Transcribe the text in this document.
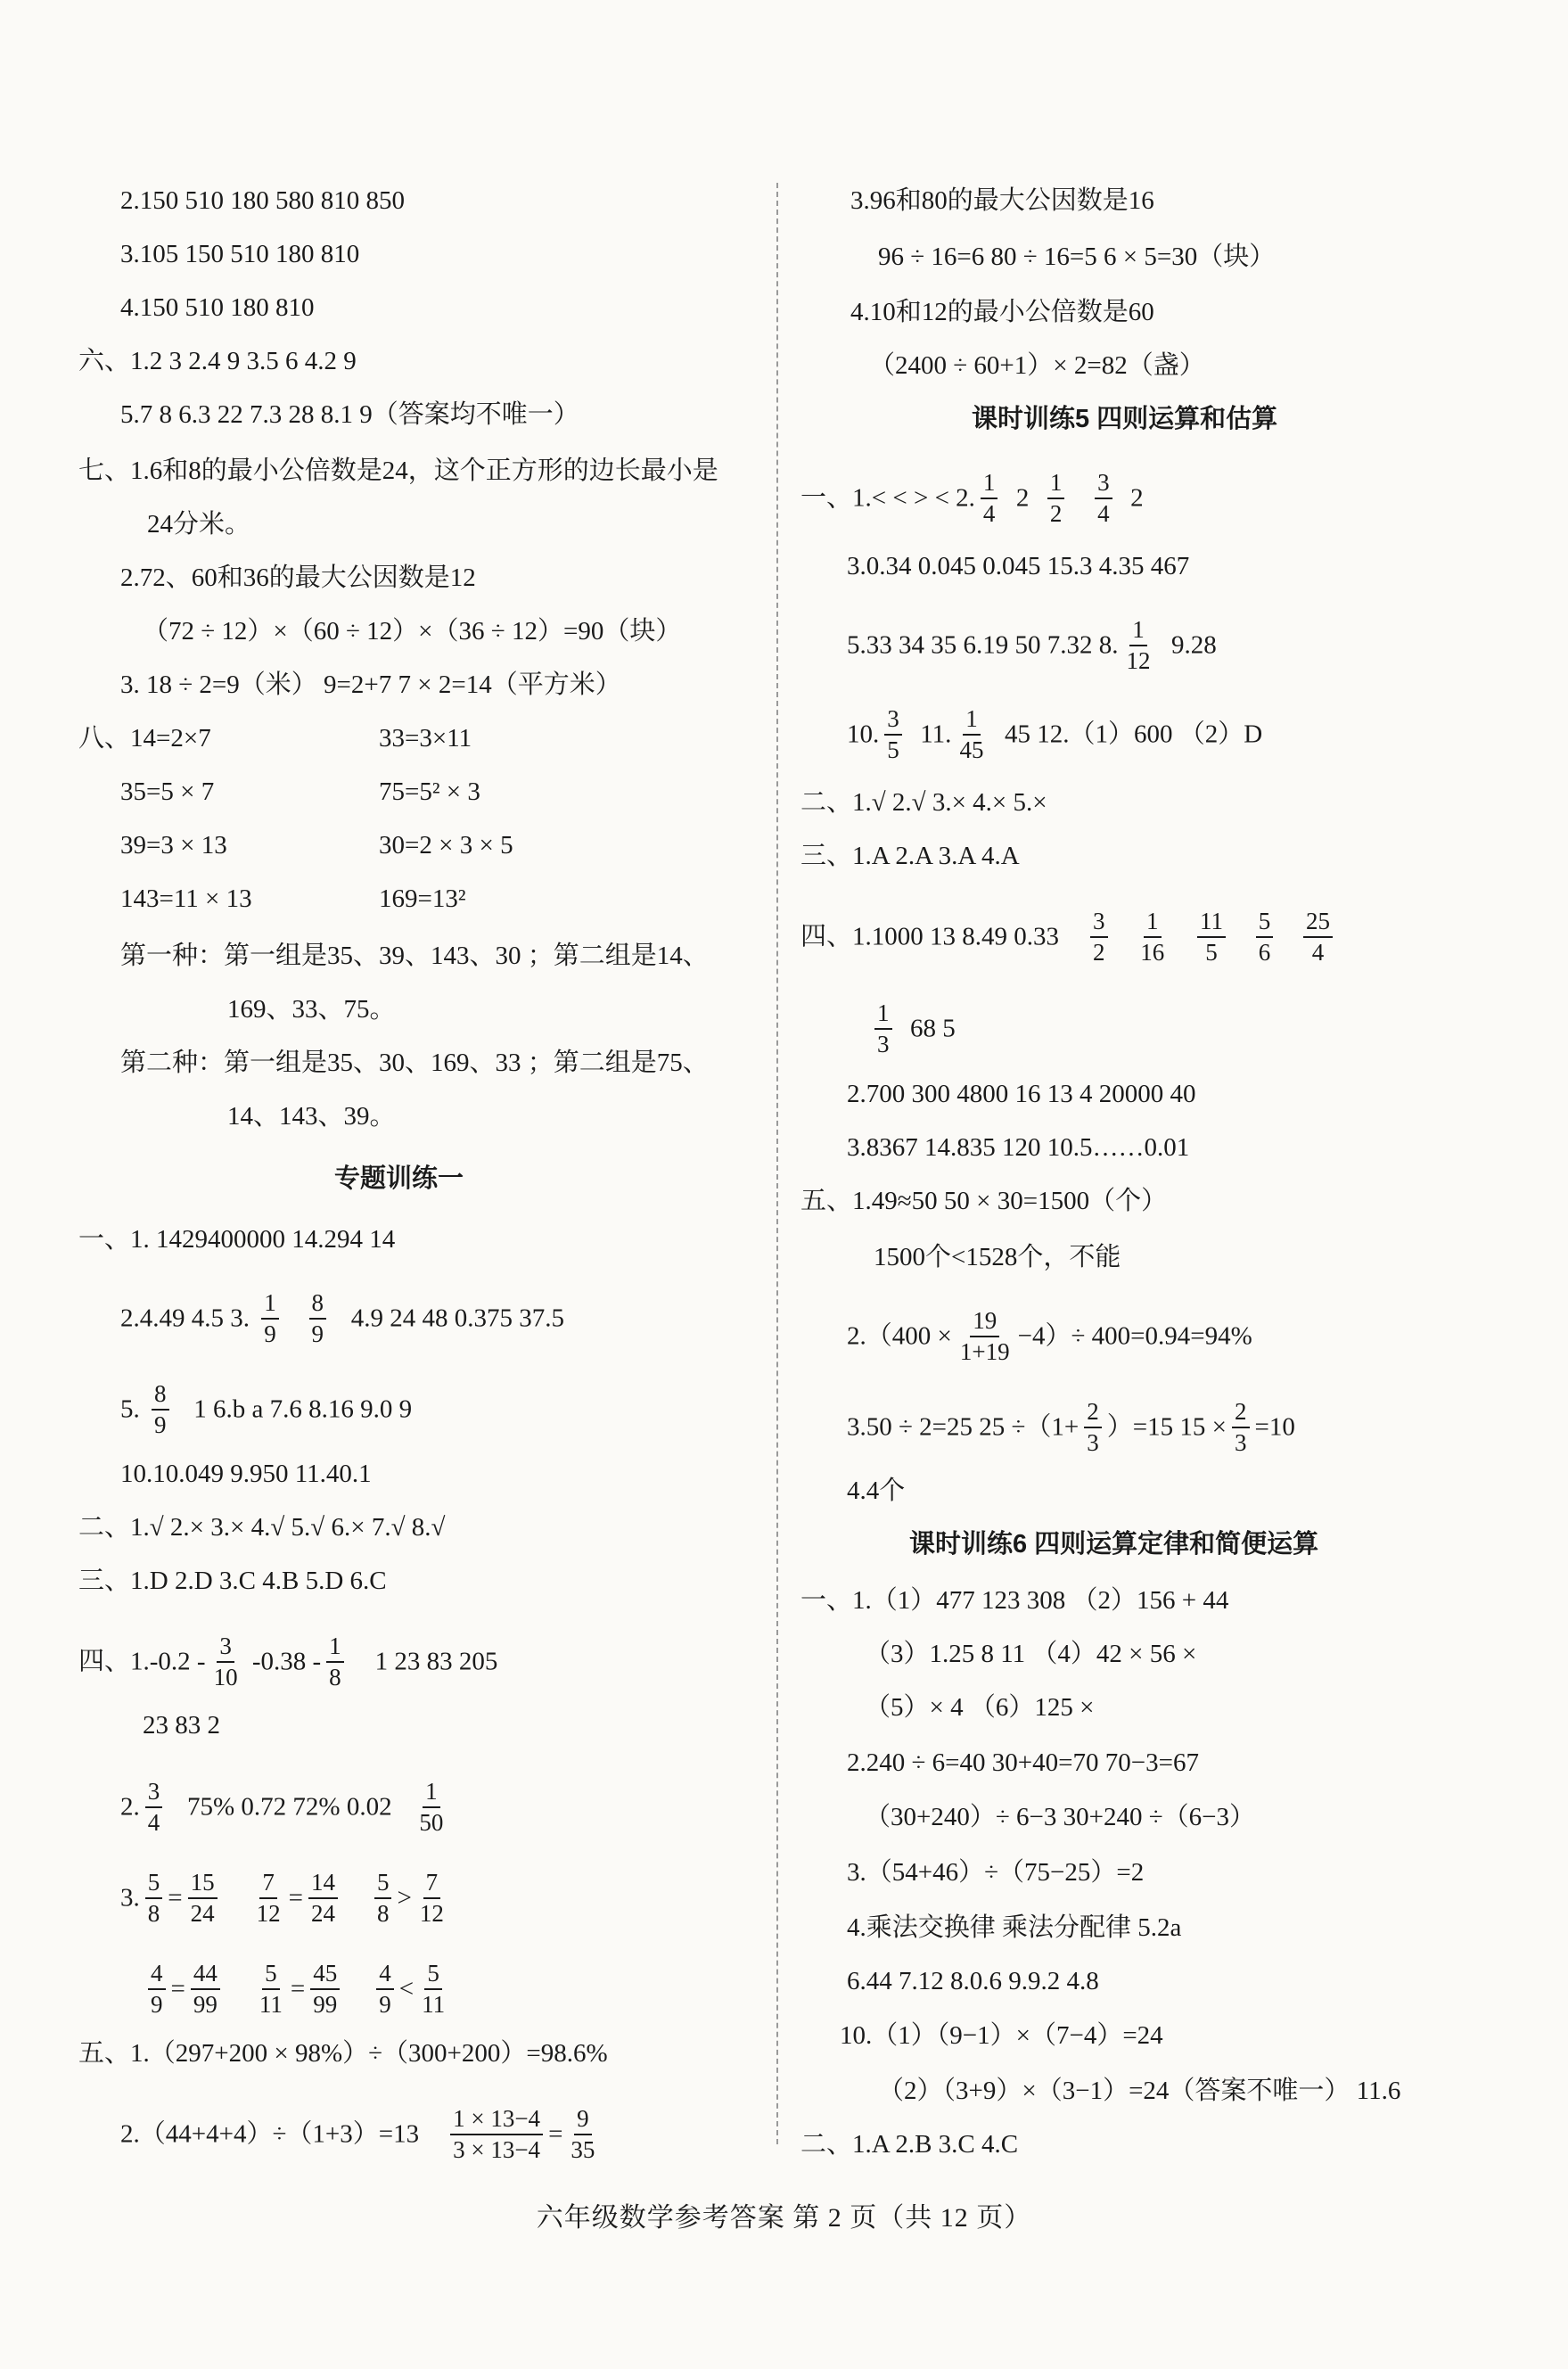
2.150 510 180 580 810 850
3.105 150 510 180 810
4.150 510 180 810
六、1.2 3 2.4 9 3.5 6 4.2 9
5.7 8 6.3 22 7.3 28 8.1 9（答案均不唯一）
七、1.6和8的最小公倍数是24，这个正方形的边长最小是
24分米。
2.72、60和36的最大公因数是12
（72 ÷ 12）×（60 ÷ 12）×（36 ÷ 12）=90（块）
3. 18 ÷ 2=9（米） 9=2+7 7 × 2=14（平方米）
八、14=2×7	33=3×11
35=5 × 7	75=5² × 3
39=3 × 13	30=2 × 3 × 5
143=11 × 13	169=13²
第一种：第一组是35、39、143、30 ；第二组是14、
169、33、75。
第二种：第一组是35、30、169、33 ；第二组是75、
14、143、39。
专题训练一
一、1. 1429400000 14.294 14
2.4.49 4.5 3. $\frac{1}{9}$
$\frac{8}{9} 4.9$ 24 48 0.375 37.5
5. $\frac{8}{9} 1$ 6.b a 7.6 8.16 9.0 9
10.10.049 9.950 11.40.1
二、1.√ 2.× 3.× 4.√ 5.√ 6.× 7.√ 8.√
三、1.D 2.D 3.C 4.B 5.D 6.C
四、$1.-0.2 - \frac{3}{10} -0.38 - \frac{1}{8} 1$ 23 83 205
23 83 2
2. $\frac{3}{4} 75\%$ 0.72 72% $0.02 \frac{1}{50}$
3. $\frac{5}{8} = \frac{15}{24}$
$\frac{7}{12} = \frac{14}{24}$
$\frac{5}{8} > \frac{7}{12}$
$\frac{4}{9} = \frac{44}{99}$
$\frac{5}{11} = \frac{45}{99}$
$\frac{4}{9} < \frac{5}{11}$
五、1.（297+200 × 98%）÷（300+200）=98.6%
$2.(44+4+4)\div(1+3)=13 \frac{1 \times 13-4}{3 \times 13-4} = \frac{9}{35}$
3.96和80的最大公因数是16
96 ÷ 16=6 80 ÷ 16=5 6 × 5=30（块）
4.10和12的最小公倍数是60
（2400 ÷ 60+1）× 2=82（盏）
课时训练5 四则运算和估算
一、1.< < > < 2. $\frac{1}{4} 2 \frac{1}{2}$
$\frac{3}{4} 2$
3.0.34 0.045 0.045 15.3 4.35 467
5.33 34 35 6.19 50 7.32 8. $\frac{1}{12} 9.28$
10. $\frac{3}{5} 11$. $\frac{1}{45} 45$ 12.（1）600 （2）D
二、1.√ 2.√ 3.× 4.× 5.×
三、1.A 2.A 3.A 4.A
四、1.1000 13 8.49 $0.33 \frac{3}{2}$
$\frac{1}{16}$
$\frac{11}{5}$
$\frac{5}{6}$
$\frac{25}{4}$
$\frac{1}{3} 68$ 5
2.700 300 4800 16 13 4 20000 40
3.8367 14.835 120 10.5……0.01
五、1.49≈50 50 × 30=1500（个）
1500个<1528个，不能
$2.(400 \times \frac{19}{1+19} -4)\div 400=0.94=94\%$
3.50 ÷ 2=25 $25 \div(1+ \frac{2}{3} )=15$ $15 \times \frac{2}{3} =10$
4.4个
课时训练6 四则运算定律和简便运算
一、1.（1）477 123 308 （2）156 + 44
（3）1.25 8 11 （4）42 × 56 ×
（5）× 4 （6）125 ×
2.240 ÷ 6=40 30+40=70 70−3=67
（30+240）÷ 6−3 30+240 ÷（6−3）
3.（54+46）÷（75−25）=2
4.乘法交换律 乘法分配律 5.2a
6.44 7.12 8.0.6 9.9.2 4.8
10.（1）（9−1）×（7−4）=24
（2）（3+9）×（3−1）=24（答案不唯一） 11.6
二、1.A 2.B 3.C 4.C
六年级数学参考答案 第 2 页（共 12 页）
